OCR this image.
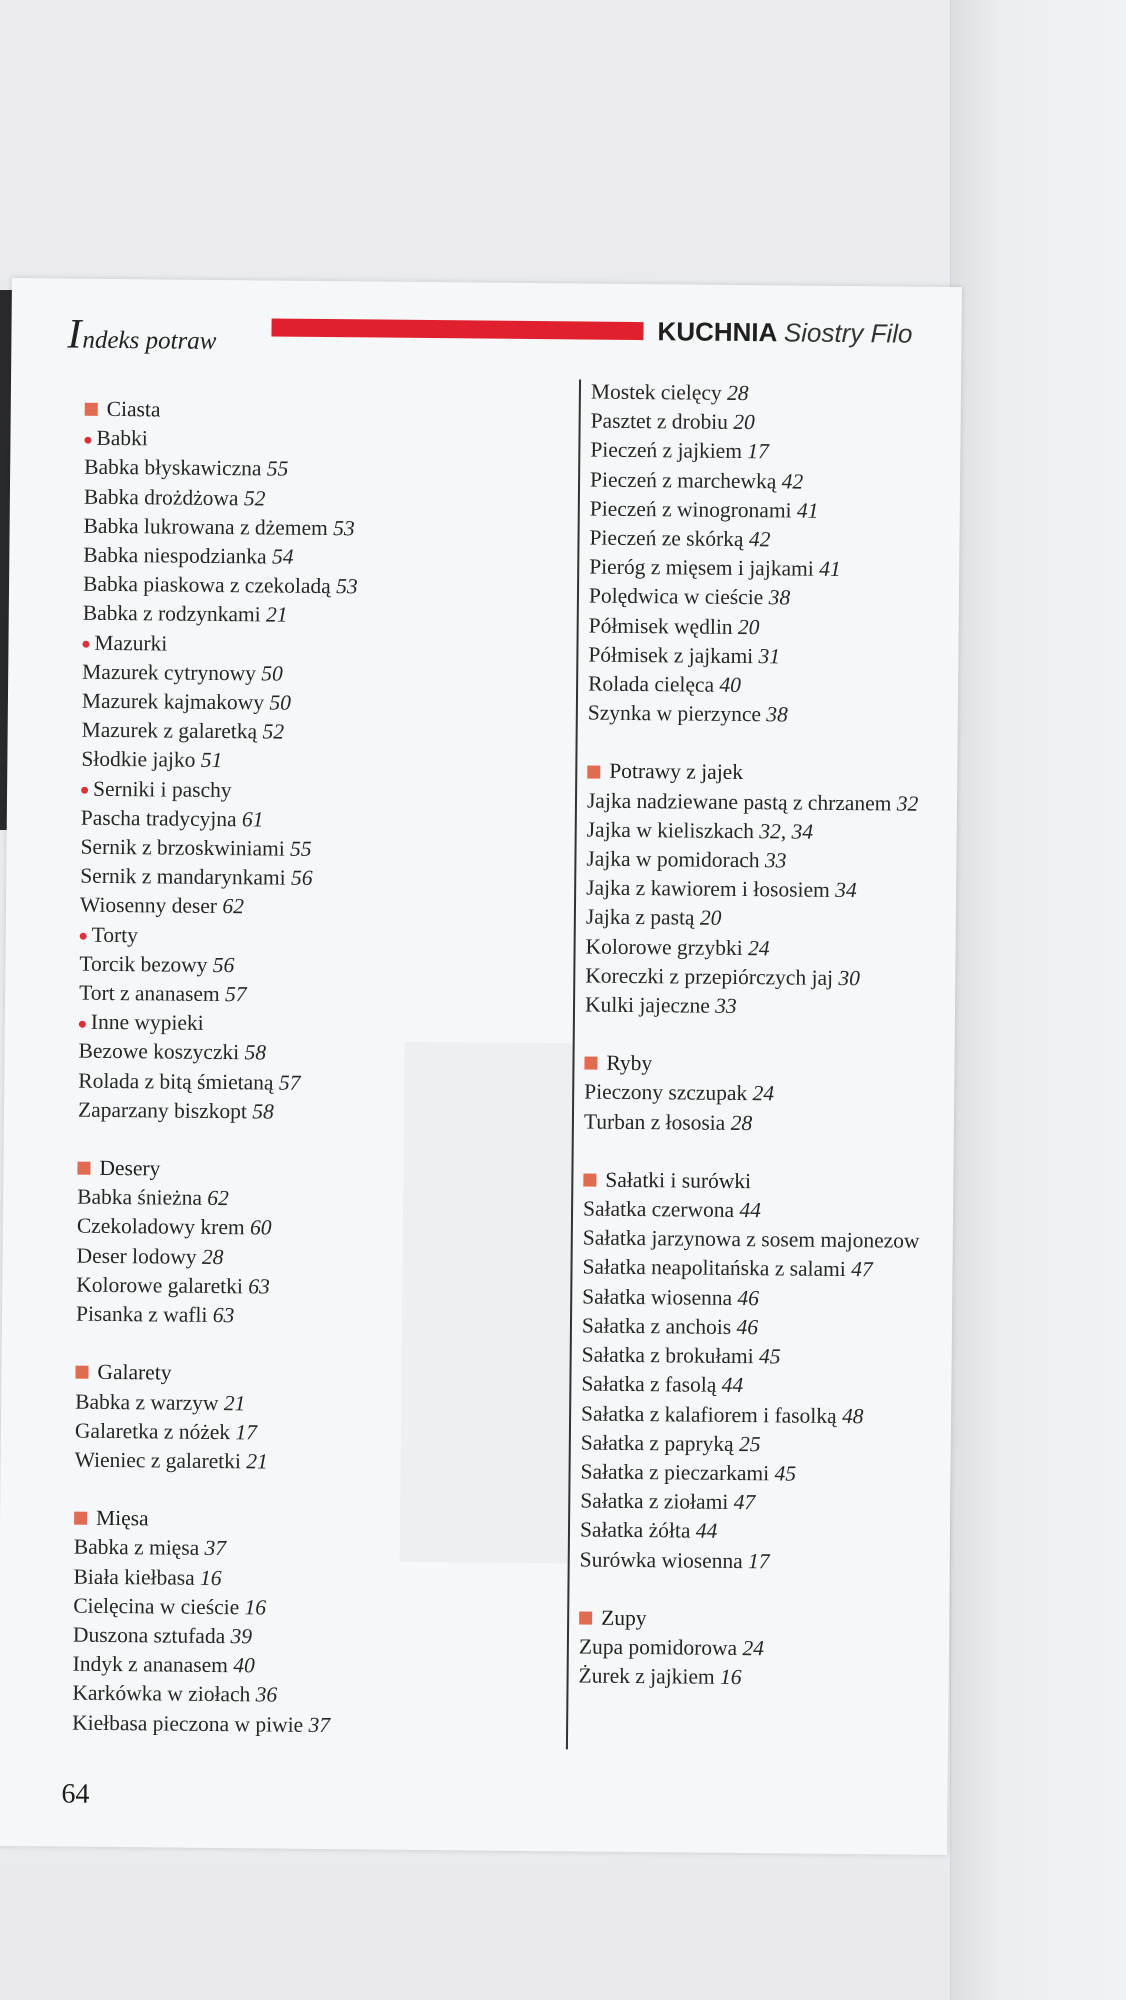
Indeks potraw	KUCHNIA Siostry Filo
Ciasta
Babki
Babka błyskawiczna 55
Babka drożdżowa 52
Babka lukrowana z dżemem 53
Babka niespodzianka 54
Babka piaskowa z czekoladą 53
Babka z rodzynkami 21
Mazurki
Mazurek cytrynowy 50
Mazurek kajmakowy 50
Mazurek z galaretką 52
Słodkie jajko 51
Serniki i paschy
Pascha tradycyjna 61
Sernik z brzoskwiniami 55
Sernik z mandarynkami 56
Wiosenny deser 62
Torty
Torcik bezowy 56
Tort z ananasem 57
Inne wypieki
Bezowe koszyczki 58
Rolada z bitą śmietaną 57
Zaparzany biszkopt 58
Desery
Babka śnieżna 62
Czekoladowy krem 60
Deser lodowy 28
Kolorowe galaretki 63
Pisanka z wafli 63
Galarety
Babka z warzyw 21
Galaretka z nóżek 17
Wieniec z galaretki 21
Mięsa
Babka z mięsa 37
Biała kiełbasa 16
Cielęcina w cieście 16
Duszona sztufada 39
Indyk z ananasem 40
Karkówka w ziołach 36
Kiełbasa pieczona w piwie 37
Mostek cielęcy 28
Pasztet z drobiu 20
Pieczeń z jajkiem 17
Pieczeń z marchewką 42
Pieczeń z winogronami 41
Pieczeń ze skórką 42
Pieróg z mięsem i jajkami 41
Polędwica w cieście 38
Półmisek wędlin 20
Półmisek z jajkami 31
Rolada cielęca 40
Szynka w pierzynce 38
Potrawy z jajek
Jajka nadziewane pastą z chrzanem 32
Jajka w kieliszkach 32, 34
Jajka w pomidorach 33
Jajka z kawiorem i łososiem 34
Jajka z pastą 20
Kolorowe grzybki 24
Koreczki z przepiórczych jaj 30
Kulki jajeczne 33
Ryby
Pieczony szczupak 24
Turban z łososia 28
Sałatki i surówki
Sałatka czerwona 44
Sałatka jarzynowa z sosem majonezow
Sałatka neapolitańska z salami 47
Sałatka wiosenna 46
Sałatka z anchois 46
Sałatka z brokułami 45
Sałatka z fasolą 44
Sałatka z kalafiorem i fasolką 48
Sałatka z papryką 25
Sałatka z pieczarkami 45
Sałatka z ziołami 47
Sałatka żółta 44
Surówka wiosenna 17
Zupy
Zupa pomidorowa 24
Żurek z jajkiem 16
64
